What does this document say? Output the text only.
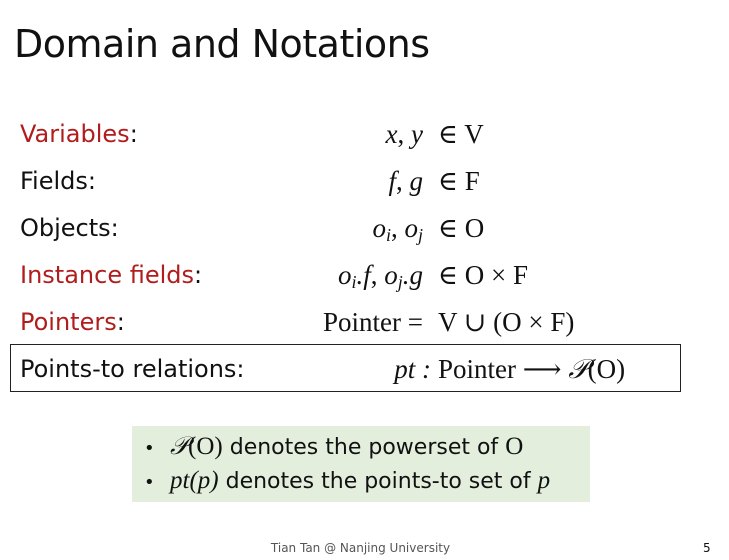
Domain and Notations
Variables:	x, y ∈ V
Fields:	f, g ∈ F
Objects:	$o_i$, $o_j$ ∈ O
Instance fields:	$o_i.f$, $o_j.g$ ∈ O × F
Pointers:	Pointer = V ∪ (O × F)
Points-to relations:	pt : Pointer ⟶ 𝒫(O)
• 𝒫(O) denotes the powerset of O
• pt(p) denotes the points-to set of p
Tian Tan @ Nanjing University	5
